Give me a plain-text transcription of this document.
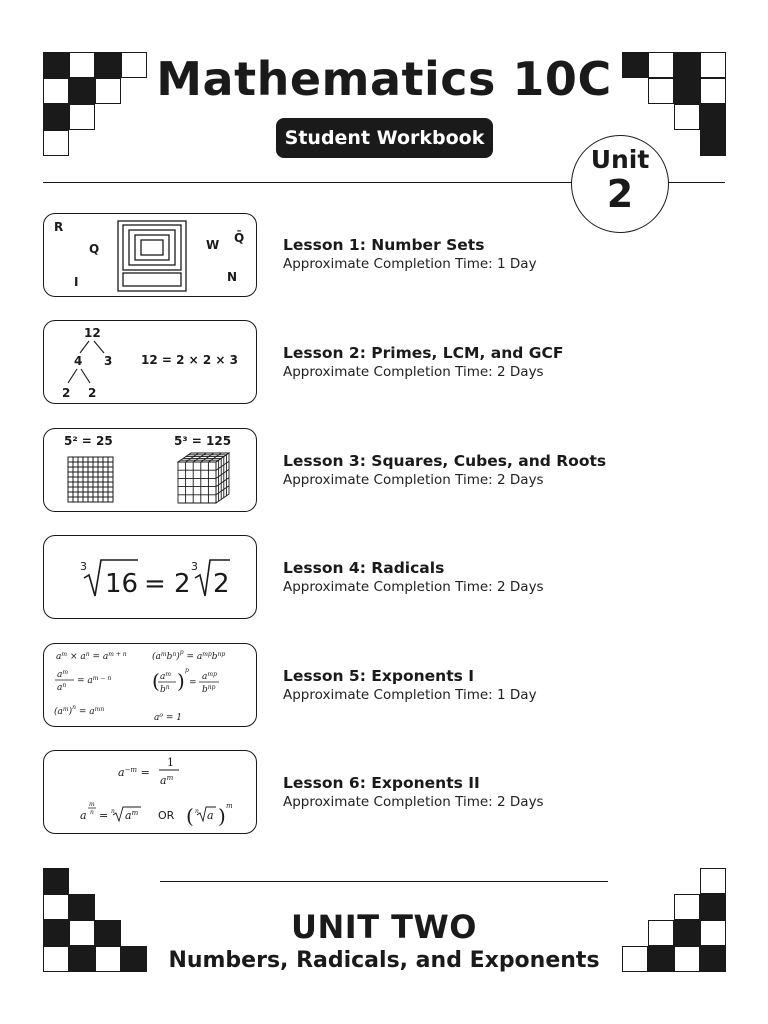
Mathematics 10C
Student Workbook
Unit
2
R
Q
I
W Q̄
N
Lesson 1: Number Sets
Approximate Completion Time: 1 Day
12
4 3
2 2
12 = 2 × 2 × 3	Lesson 2: Primes, LCM, and GCF
Approximate Completion Time: 2 Days
5² = 25	5³ = 125
Lesson 3: Squares, Cubes, and Roots
Approximate Completion Time: 2 Days
3
16 = 2
3
2
Lesson 4: Radicals
Approximate Completion Time: 2 Days
$a^m \times a^n = a^{m + n}$
$a^m$
$a^n = a^{m - n}$
$(a^m)^n = a^{mn}$
$(a^mb^n)^p = a^{mp}b^{np}$
( $a^m$
$b^n$ ) p
=
$a^{mp}$
$b^{np}$
a⁰ = 1
Lesson 5: Exponents I
Approximate Completion Time: 1 Day
$a^{-m}$ =
1
$a^m$
m
n
a = n $a^m$ OR ( n a ) m
Lesson 6: Exponents II
Approximate Completion Time: 2 Days
UNIT TWO
Numbers, Radicals, and Exponents
